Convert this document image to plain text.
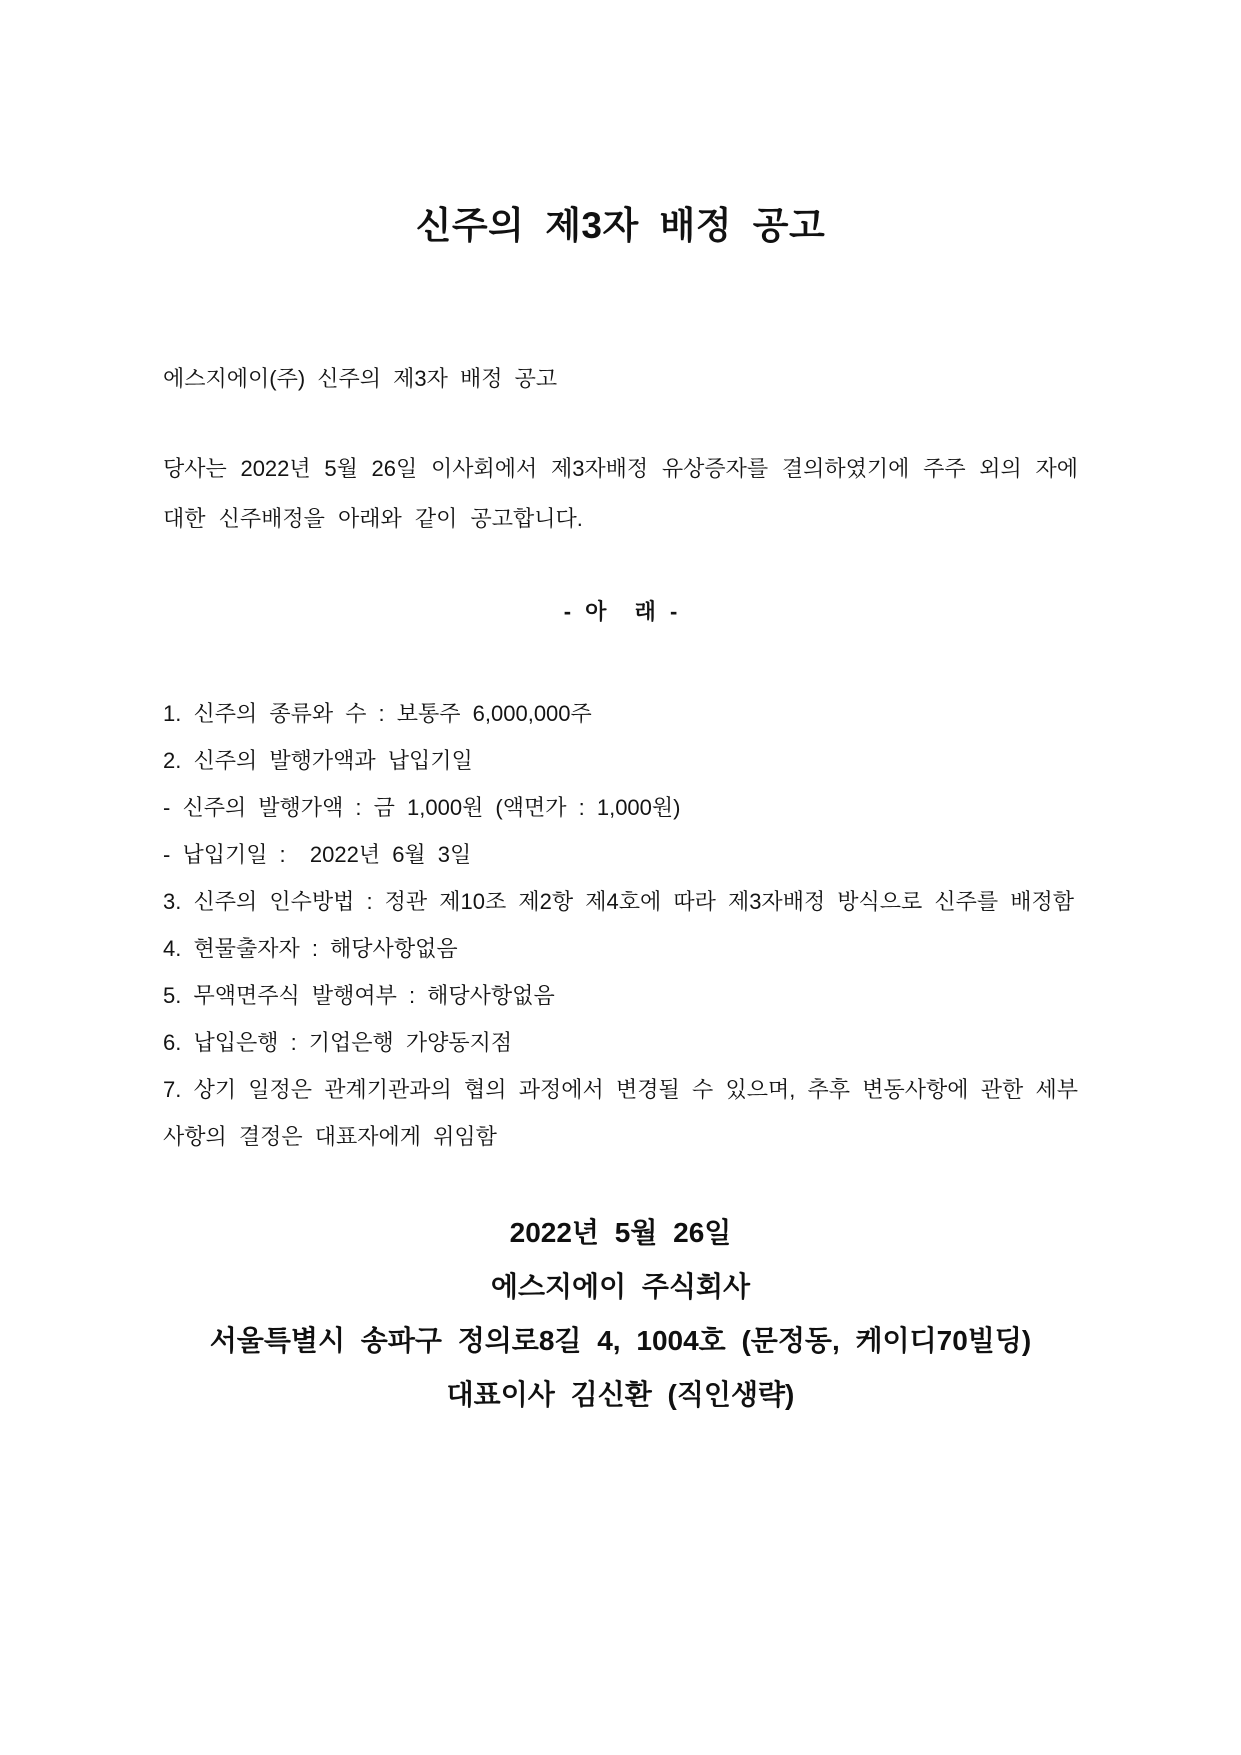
신주의 제3자 배정 공고

에스지에이(주) 신주의 제3자 배정 공고

당사는 2022년 5월 26일 이사회에서 제3자배정 유상증자를 결의하였기에 주주 외의 자에 대한 신주배정을 아래와 같이 공고합니다.

- 아  래 -

1. 신주의 종류와 수 : 보통주 6,000,000주

2. 신주의 발행가액과 납입기일

- 신주의 발행가액 : 금 1,000원 (액면가 : 1,000원)

- 납입기일 :  2022년 6월 3일

3. 신주의 인수방법 : 정관 제10조 제2항 제4호에 따라 제3자배정 방식으로 신주를 배정함

4. 현물출자자 : 해당사항없음

5. 무액면주식 발행여부 : 해당사항없음

6. 납입은행 : 기업은행 가양동지점

7. 상기 일정은 관계기관과의 협의 과정에서 변경될 수 있으며, 추후 변동사항에 관한 세부사항의 결정은 대표자에게 위임함

2022년 5월 26일

에스지에이 주식회사

서울특별시 송파구 정의로8길 4, 1004호 (문정동, 케이디70빌딩)

대표이사 김신환 (직인생략)
